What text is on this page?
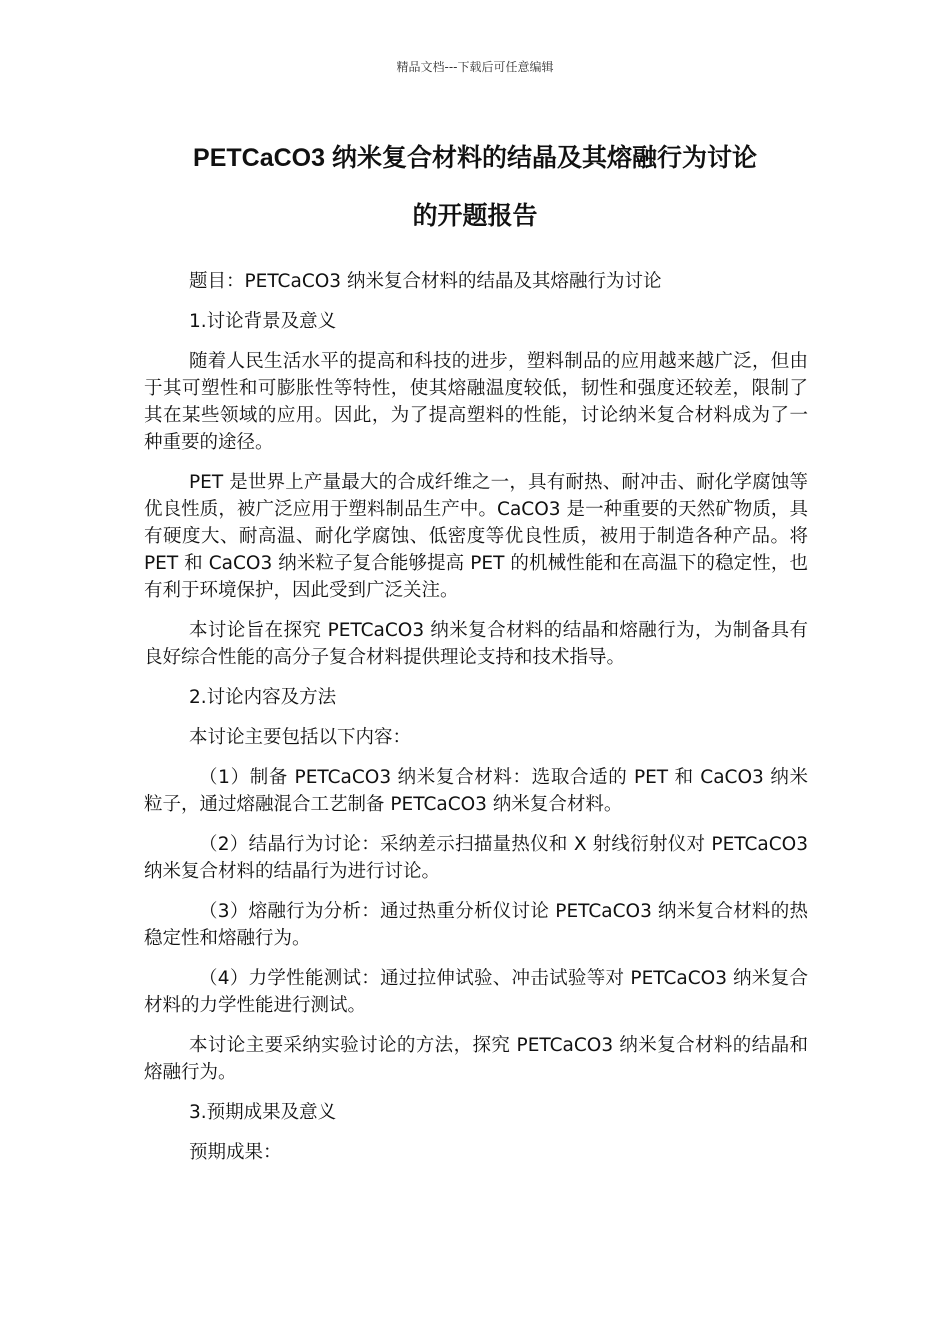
精品文档---下载后可任意编辑
PETCaCO3 纳米复合材料的结晶及其熔融行为讨论
的开题报告

题目：PETCaCO3 纳米复合材料的结晶及其熔融行为讨论

1.讨论背景及意义

随着人民生活水平的提高和科技的进步，塑料制品的应用越来越广泛，但由于其可塑性和可膨胀性等特性，使其熔融温度较低，韧性和强度还较差，限制了其在某些领域的应用。因此，为了提高塑料的性能，讨论纳米复合材料成为了一种重要的途径。

PET 是世界上产量最大的合成纤维之一，具有耐热、耐冲击、耐化学腐蚀等优良性质，被广泛应用于塑料制品生产中。CaCO3 是一种重要的天然矿物质，具有硬度大、耐高温、耐化学腐蚀、低密度等优良性质，被用于制造各种产品。将 PET 和 CaCO3 纳米粒子复合能够提高 PET 的机械性能和在高温下的稳定性，也有利于环境保护，因此受到广泛关注。

本讨论旨在探究 PETCaCO3 纳米复合材料的结晶和熔融行为，为制备具有良好综合性能的高分子复合材料提供理论支持和技术指导。

2.讨论内容及方法

本讨论主要包括以下内容：

（1）制备 PETCaCO3 纳米复合材料：选取合适的 PET 和 CaCO3 纳米粒子，通过熔融混合工艺制备 PETCaCO3 纳米复合材料。

（2）结晶行为讨论：采纳差示扫描量热仪和 X 射线衍射仪对 PETCaCO3 纳米复合材料的结晶行为进行讨论。

（3）熔融行为分析：通过热重分析仪讨论 PETCaCO3 纳米复合材料的热稳定性和熔融行为。

（4）力学性能测试：通过拉伸试验、冲击试验等对 PETCaCO3 纳米复合材料的力学性能进行测试。

本讨论主要采纳实验讨论的方法，探究 PETCaCO3 纳米复合材料的结晶和熔融行为。

3.预期成果及意义

预期成果：
